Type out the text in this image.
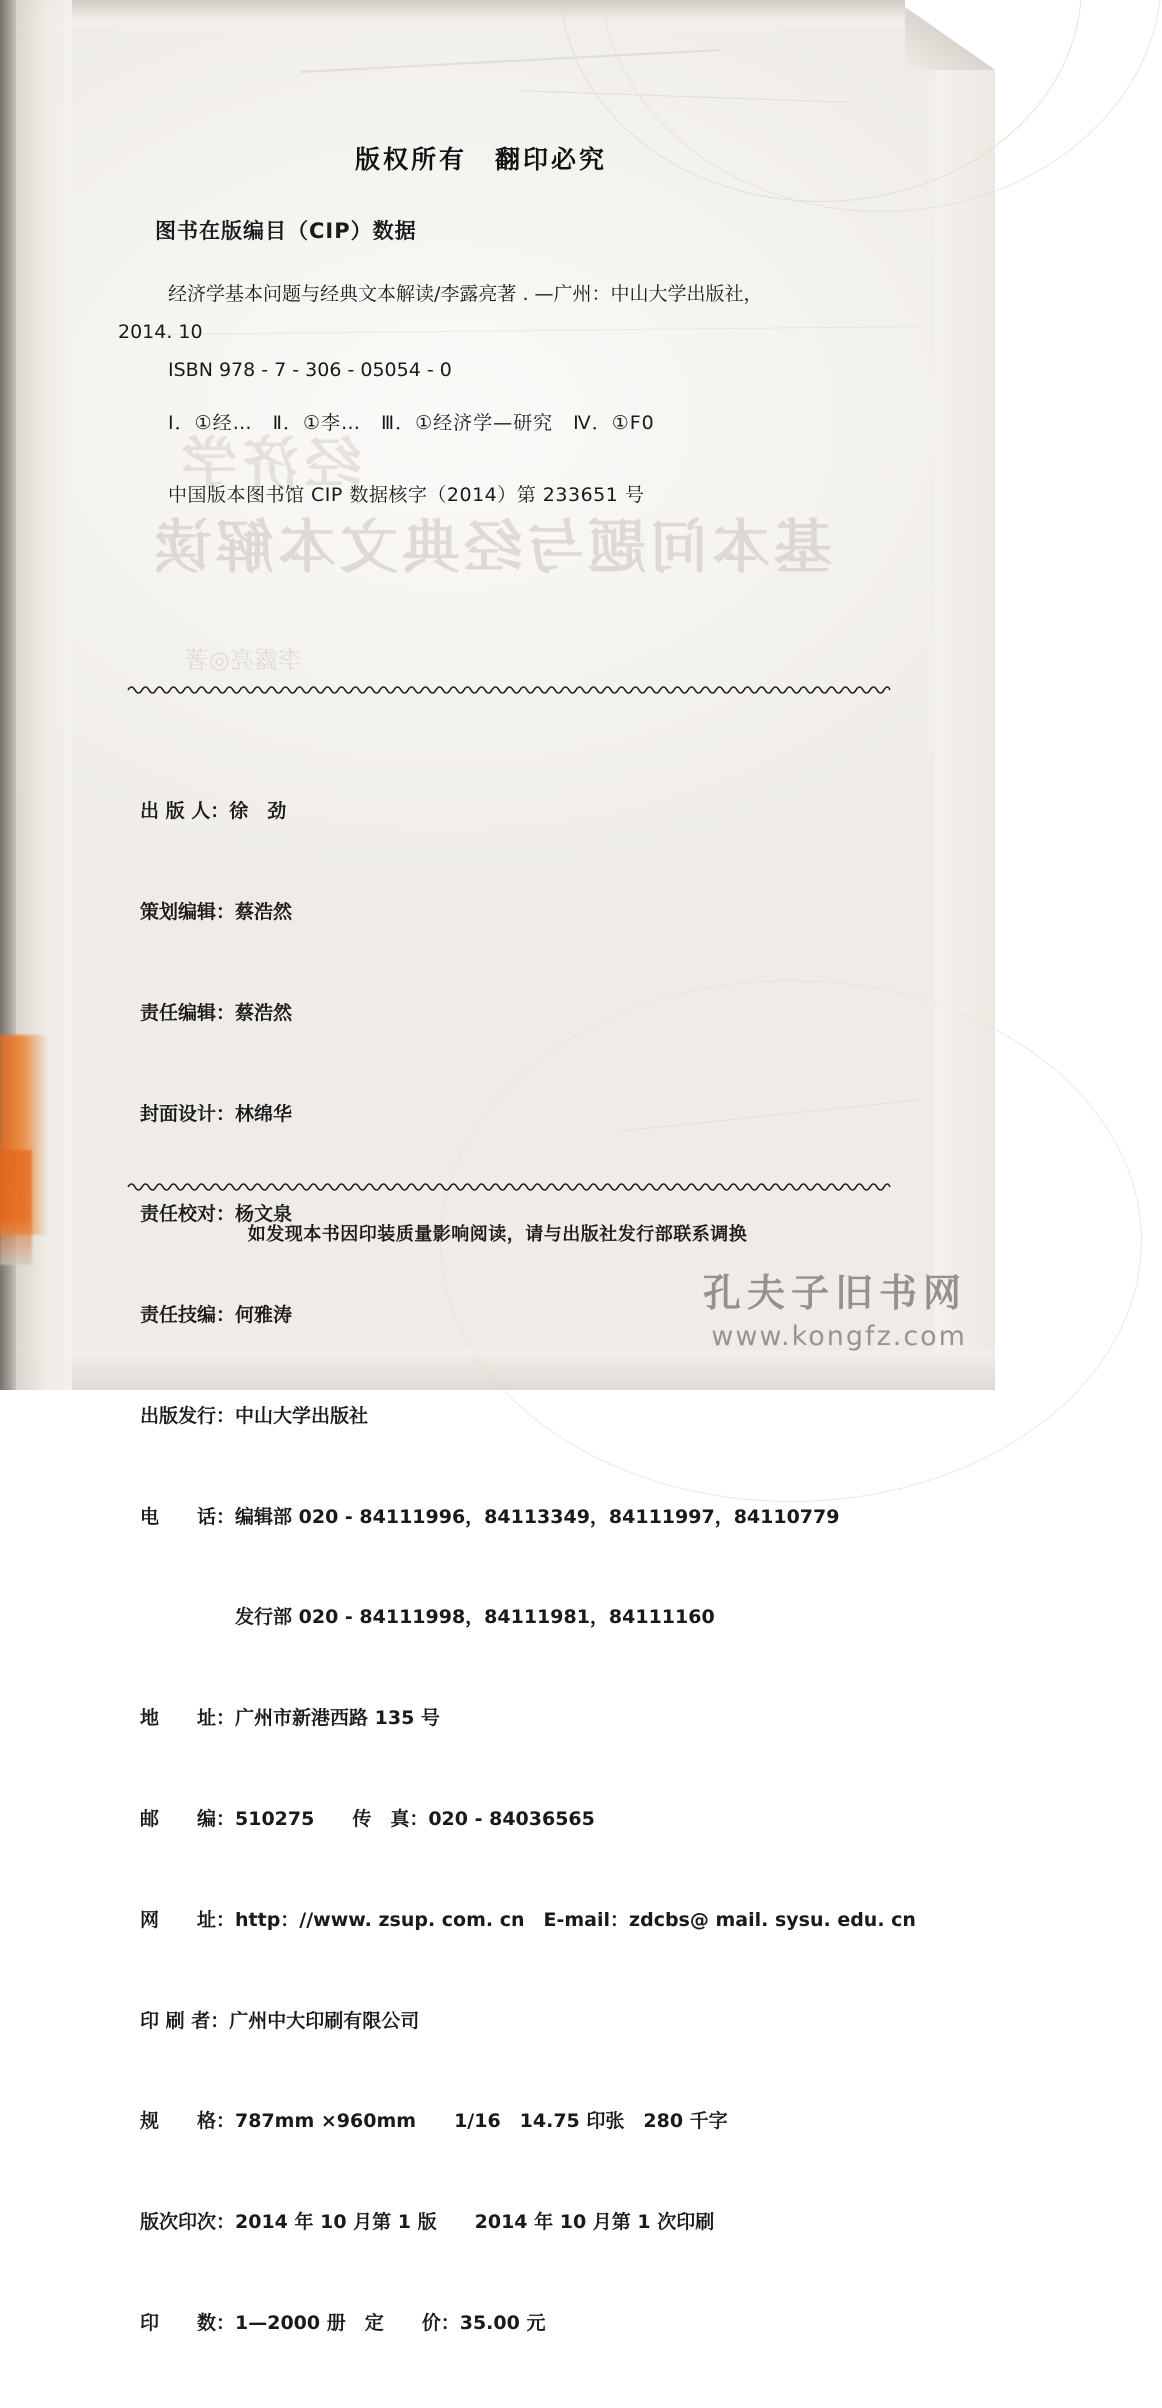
经济学
基本问题与经典文本解读
李露亮◎著
版权所有　翻印必究
图书在版编目（CIP）数据
经济学基本问题与经典文本解读/李露亮著 . —广州：中山大学出版社，
2014. 10
ISBN 978 - 7 - 306 - 05054 - 0
Ⅰ．①经…　Ⅱ．①李…　Ⅲ．①经济学—研究　Ⅳ．①F0
中国版本图书馆 CIP 数据核字（2014）第 233651 号

出 版 人：徐　劲

策划编辑：蔡浩然

责任编辑：蔡浩然

封面设计：林绵华

责任校对：杨文泉

责任技编：何雅涛

出版发行：中山大学出版社

电　　话：编辑部 020 - 84111996，84113349，84111997，84110779

　　　　　发行部 020 - 84111998，84111981，84111160

地　　址：广州市新港西路 135 号

邮　　编：510275　　传　真：020 - 84036565

网　　址：http：//www. zsup. com. cn　E-mail：zdcbs@ mail. sysu. edu. cn

印 刷 者：广州中大印刷有限公司

规　　格：787mm ×960mm　　1/16　14.75 印张　280 千字

版次印次：2014 年 10 月第 1 版　　2014 年 10 月第 1 次印刷

印　　数：1—2000 册　定　　价：35.00 元

如发现本书因印装质量影响阅读，请与出版社发行部联系调换
孔夫子旧书网
www.kongfz.com
